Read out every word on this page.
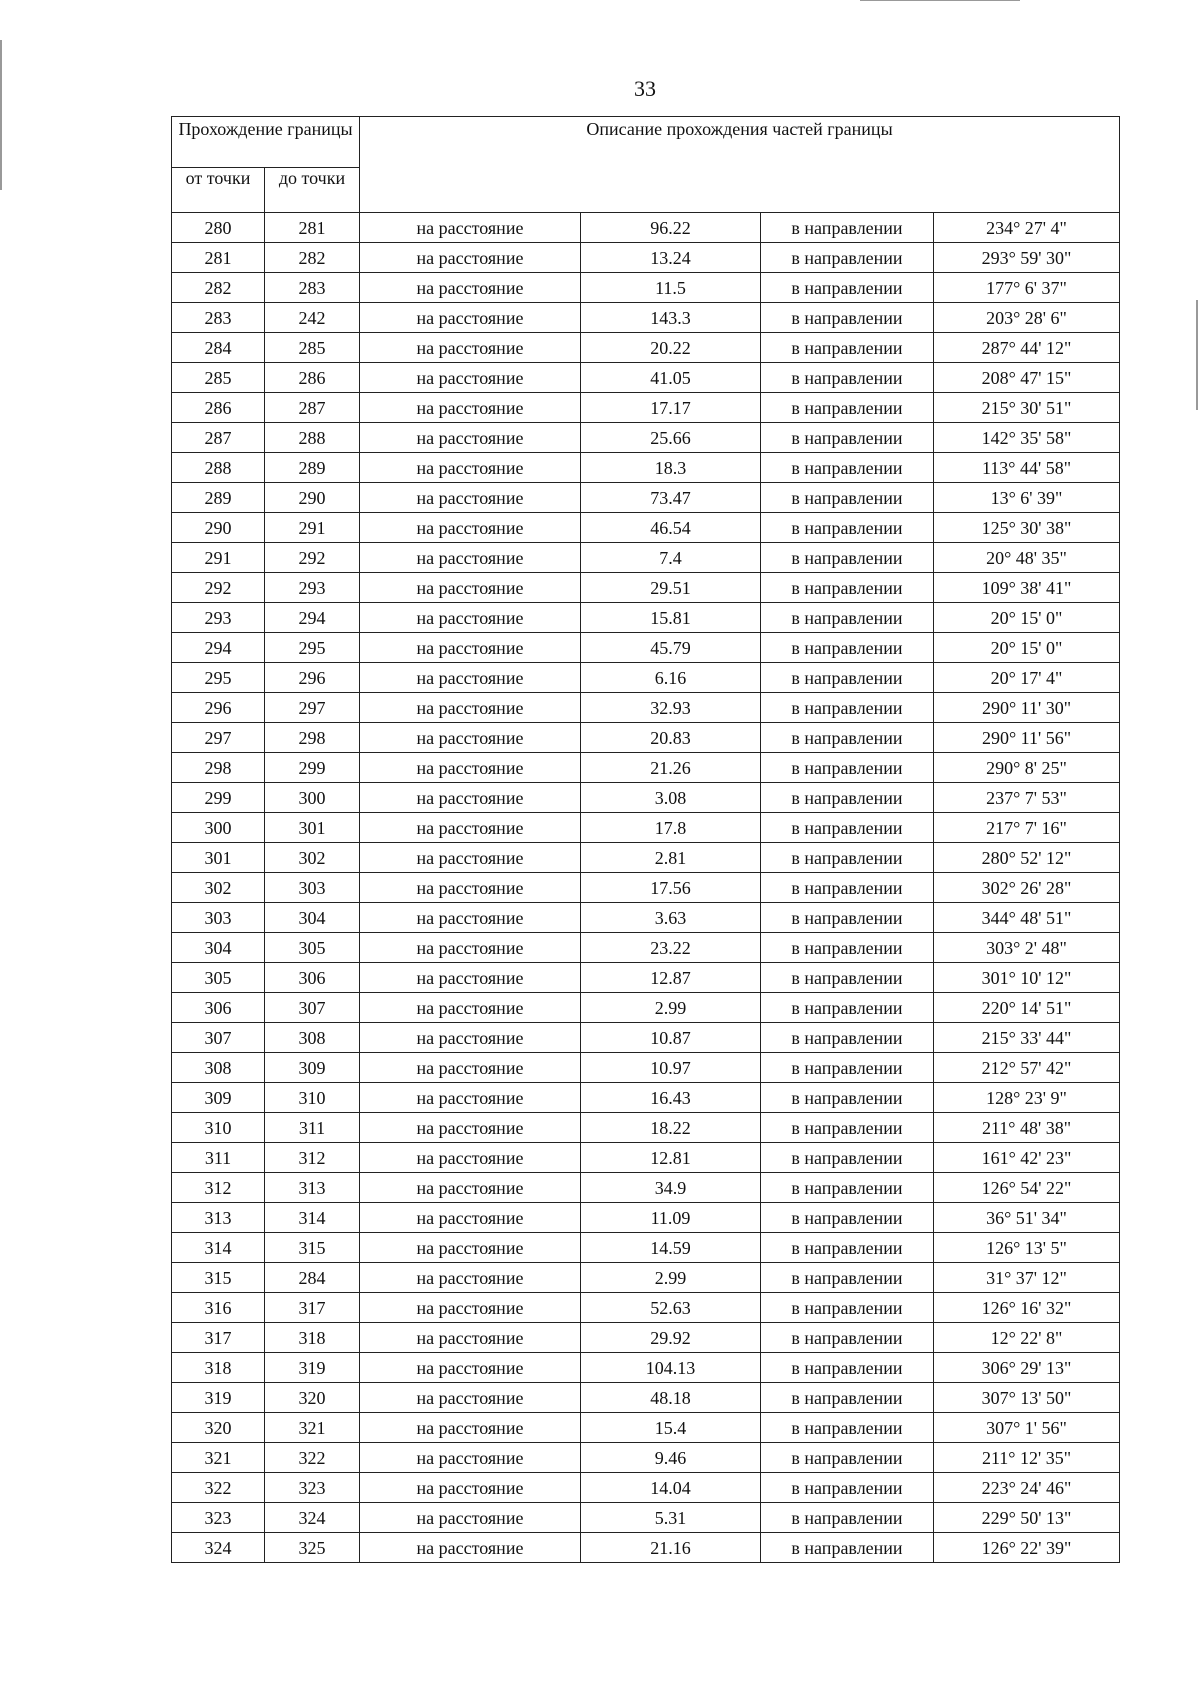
33
Прохождение границы		Описание прохождения частей границы			
от точки	до точки				
280	281	на расстояние	96.22	в направлении	234° 27' 4"
281	282	на расстояние	13.24	в направлении	293° 59' 30"
282	283	на расстояние	11.5	в направлении	177° 6' 37"
283	242	на расстояние	143.3	в направлении	203° 28' 6"
284	285	на расстояние	20.22	в направлении	287° 44' 12"
285	286	на расстояние	41.05	в направлении	208° 47' 15"
286	287	на расстояние	17.17	в направлении	215° 30' 51"
287	288	на расстояние	25.66	в направлении	142° 35' 58"
288	289	на расстояние	18.3	в направлении	113° 44' 58"
289	290	на расстояние	73.47	в направлении	13° 6' 39"
290	291	на расстояние	46.54	в направлении	125° 30' 38"
291	292	на расстояние	7.4	в направлении	20° 48' 35"
292	293	на расстояние	29.51	в направлении	109° 38' 41"
293	294	на расстояние	15.81	в направлении	20° 15' 0"
294	295	на расстояние	45.79	в направлении	20° 15' 0"
295	296	на расстояние	6.16	в направлении	20° 17' 4"
296	297	на расстояние	32.93	в направлении	290° 11' 30"
297	298	на расстояние	20.83	в направлении	290° 11' 56"
298	299	на расстояние	21.26	в направлении	290° 8' 25"
299	300	на расстояние	3.08	в направлении	237° 7' 53"
300	301	на расстояние	17.8	в направлении	217° 7' 16"
301	302	на расстояние	2.81	в направлении	280° 52' 12"
302	303	на расстояние	17.56	в направлении	302° 26' 28"
303	304	на расстояние	3.63	в направлении	344° 48' 51"
304	305	на расстояние	23.22	в направлении	303° 2' 48"
305	306	на расстояние	12.87	в направлении	301° 10' 12"
306	307	на расстояние	2.99	в направлении	220° 14' 51"
307	308	на расстояние	10.87	в направлении	215° 33' 44"
308	309	на расстояние	10.97	в направлении	212° 57' 42"
309	310	на расстояние	16.43	в направлении	128° 23' 9"
310	311	на расстояние	18.22	в направлении	211° 48' 38"
311	312	на расстояние	12.81	в направлении	161° 42' 23"
312	313	на расстояние	34.9	в направлении	126° 54' 22"
313	314	на расстояние	11.09	в направлении	36° 51' 34"
314	315	на расстояние	14.59	в направлении	126° 13' 5"
315	284	на расстояние	2.99	в направлении	31° 37' 12"
316	317	на расстояние	52.63	в направлении	126° 16' 32"
317	318	на расстояние	29.92	в направлении	12° 22' 8"
318	319	на расстояние	104.13	в направлении	306° 29' 13"
319	320	на расстояние	48.18	в направлении	307° 13' 50"
320	321	на расстояние	15.4	в направлении	307° 1' 56"
321	322	на расстояние	9.46	в направлении	211° 12' 35"
322	323	на расстояние	14.04	в направлении	223° 24' 46"
323	324	на расстояние	5.31	в направлении	229° 50' 13"
324	325	на расстояние	21.16	в направлении	126° 22' 39"
